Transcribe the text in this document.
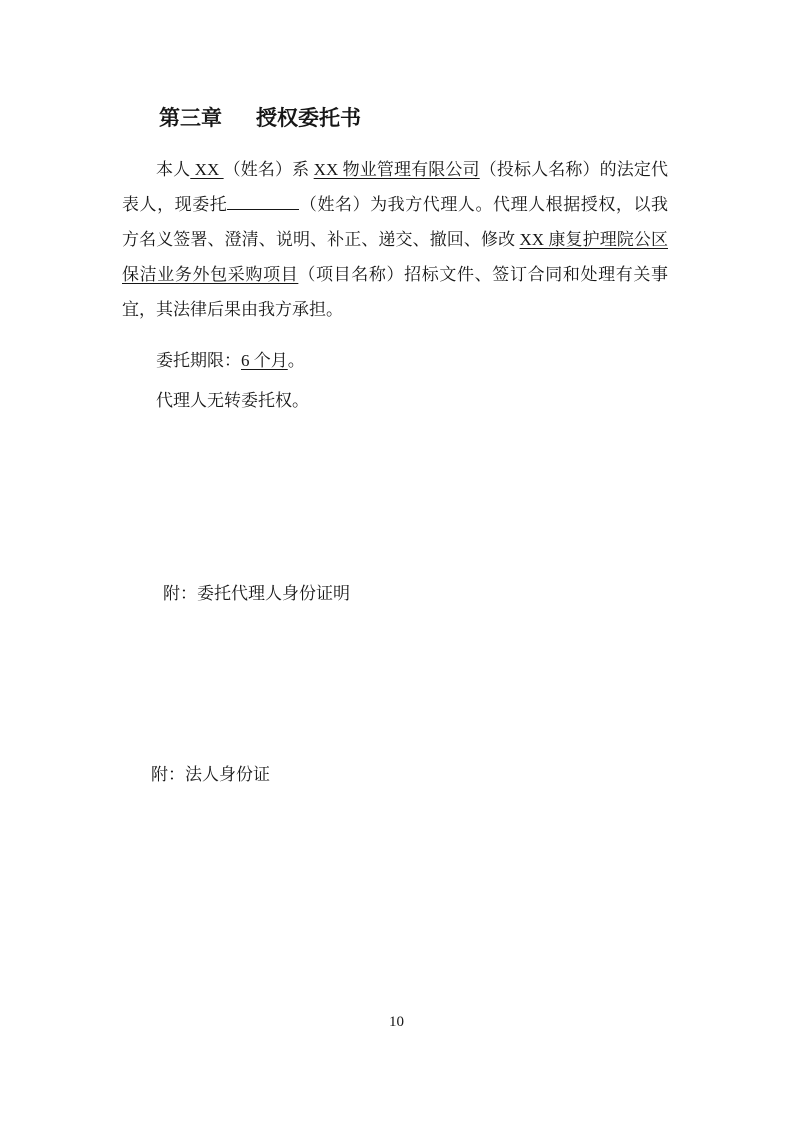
第三章 授权委托书
本人 XX （姓名）系 XX 物业管理有限公司（投标人名称）的法定代表人，现委托	（姓名）为我方代理人。代理人根据授权，以我方名义签署、澄清、说明、补正、递交、撤回、修改 XX 康复护理院公区保洁业务外包采购项目（项目名称）招标文件、签订合同和处理有关事宜，其法律后果由我方承担。
委托期限：6 个月。
代理人无转委托权。
附：委托代理人身份证明
附：法人身份证
10
